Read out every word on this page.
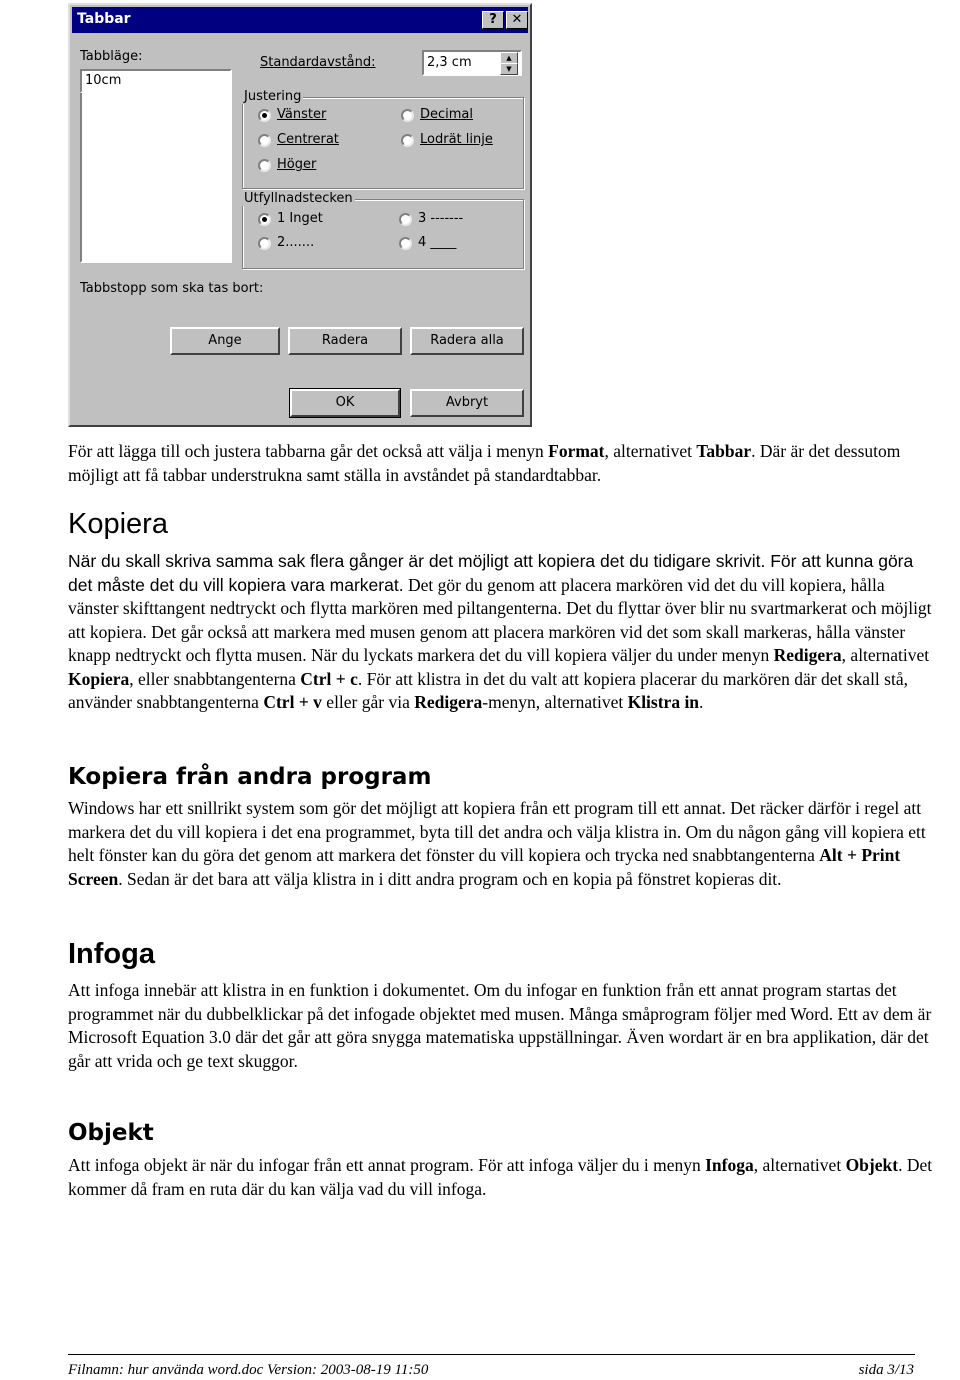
Tabbar	?	✕
Tabbläge:
10cm
Standardavstånd:	2,3 cm	▲
▼
Justering
Vänster
Centrerat
Höger
Decimal
Lodrät linje
Utfyllnadstecken
1 Inget
2.......
3 -------
4 ____
Tabbstopp som ska tas bort:
Ange	Radera	Radera alla
OK	Avbryt

För att lägga till och justera tabbarna går det också att välja i menyn Format, alternativet Tabbar. Där är det dessutom möjligt att få tabbar understrukna samt ställa in avståndet på standardtabbar.

Kopiera

När du skall skriva samma sak flera gånger är det möjligt att kopiera det du tidigare skrivit. För att kunna göra det måste det du vill kopiera vara markerat. Det gör du genom att placera markören vid det du vill kopiera, hålla vänster skifttangent nedtryckt och flytta markören med piltangenterna. Det du flyttar över blir nu svartmarkerat och möjligt att kopiera. Det går också att markera med musen genom att placera markören vid det som skall markeras, hålla vänster knapp nedtryckt och flytta musen. När du lyckats markera det du vill kopiera väljer du under menyn Redigera, alternativet Kopiera, eller snabbtangenterna Ctrl + c. För att klistra in det du valt att kopiera placerar du markören där det skall stå, använder snabbtangenterna Ctrl + v eller går via Redigera-menyn, alternativet Klistra in.

Kopiera från andra program

Windows har ett snillrikt system som gör det möjligt att kopiera från ett program till ett annat. Det räcker därför i regel att markera det du vill kopiera i det ena programmet, byta till det andra och välja klistra in. Om du någon gång vill kopiera ett helt fönster kan du göra det genom att markera det fönster du vill kopiera och trycka ned snabbtangenterna Alt + Print Screen. Sedan är det bara att välja klistra in i ditt andra program och en kopia på fönstret kopieras dit.

Infoga

Att infoga innebär att klistra in en funktion i dokumentet. Om du infogar en funktion från ett annat program startas det programmet när du dubbelklickar på det infogade objektet med musen. Många småprogram följer med Word. Ett av dem är Microsoft Equation 3.0 där det går att göra snygga matematiska uppställningar. Även wordart är en bra applikation, där det går att vrida och ge text skuggor.

Objekt

Att infoga objekt är när du infogar från ett annat program. För att infoga väljer du i menyn Infoga, alternativet Objekt. Det kommer då fram en ruta där du kan välja vad du vill infoga.

Filnamn: hur använda word.doc Version: 2003-08-19 11:50	sida 3/13
